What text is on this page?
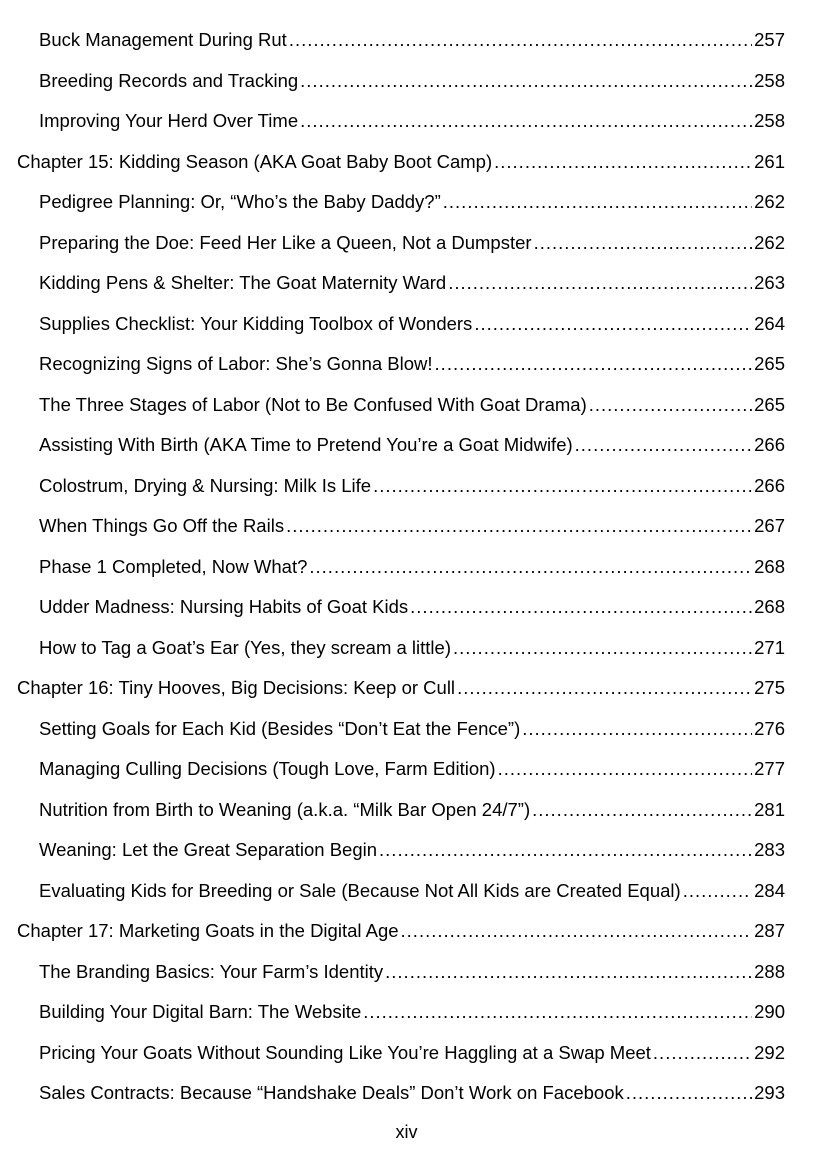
Buck Management During Rut .....	257
Breeding Records and Tracking .....	258
Improving Your Herd Over Time .....	258
Chapter 15: Kidding Season (AKA Goat Baby Boot Camp) .....	261
Pedigree Planning: Or, “Who’s the Baby Daddy?” .....	262
Preparing the Doe: Feed Her Like a Queen, Not a Dumpster .....	262
Kidding Pens & Shelter: The Goat Maternity Ward .....	263
Supplies Checklist: Your Kidding Toolbox of Wonders .....	264
Recognizing Signs of Labor: She’s Gonna Blow! .....	265
The Three Stages of Labor (Not to Be Confused With Goat Drama) .....	265
Assisting With Birth (AKA Time to Pretend You’re a Goat Midwife) .....	266
Colostrum, Drying & Nursing: Milk Is Life .....	266
When Things Go Off the Rails .....	267
Phase 1 Completed, Now What? .....	268
Udder Madness: Nursing Habits of Goat Kids .....	268
How to Tag a Goat’s Ear (Yes, they scream a little) .....	271
Chapter 16: Tiny Hooves, Big Decisions: Keep or Cull .....	275
Setting Goals for Each Kid (Besides “Don’t Eat the Fence”) .....	276
Managing Culling Decisions (Tough Love, Farm Edition) .....	277
Nutrition from Birth to Weaning (a.k.a. “Milk Bar Open 24/7”) .....	281
Weaning: Let the Great Separation Begin .....	283
Evaluating Kids for Breeding or Sale (Because Not All Kids are Created Equal) .....	284
Chapter 17: Marketing Goats in the Digital Age .....	287
The Branding Basics: Your Farm’s Identity .....	288
Building Your Digital Barn: The Website .....	290
Pricing Your Goats Without Sounding Like You’re Haggling at a Swap Meet .....	292
Sales Contracts: Because “Handshake Deals” Don’t Work on Facebook .....	293
xiv
